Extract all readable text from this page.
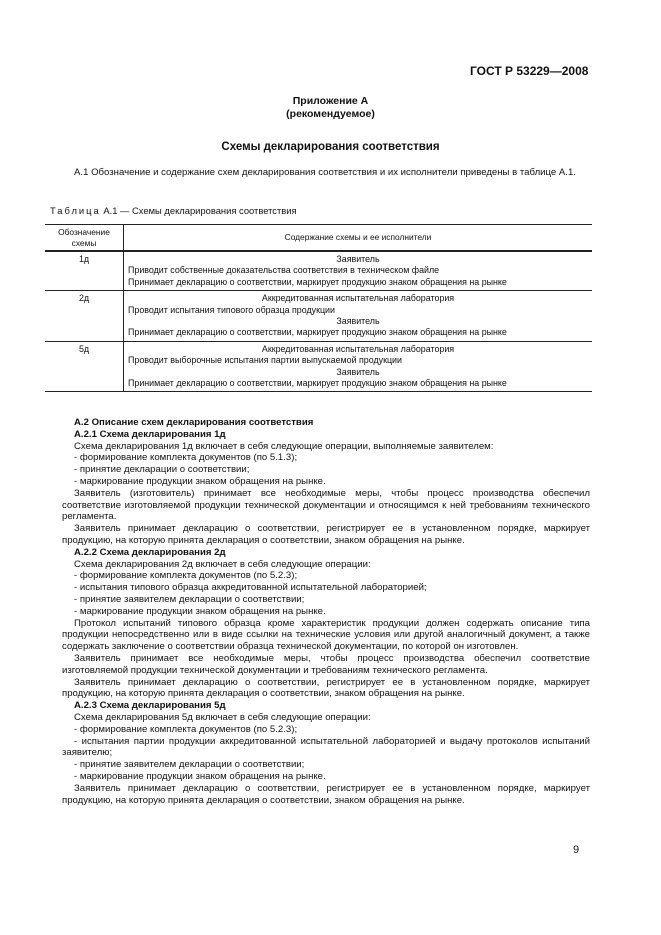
ГОСТ Р 53229—2008
Приложение А
(рекомендуемое)
Схемы декларирования соответствия
А.1 Обозначение и содержание схем декларирования соответствия и их исполнители приведены в таблице А.1.
Таблица А.1 — Схемы декларирования соответствия
Обозначение схемы	Содержание схемы и ее исполнители
1д	Заявитель
Приводит собственные доказательства соответствия в техническом файле
Принимает декларацию о соответствии, маркирует продукцию знаком обращения на рынке

2д	Аккредитованная испытательная лаборатория
Проводит испытания типового образца продукции
Заявитель
Принимает декларацию о соответствии, маркирует продукцию знаком обращения на рынке

5д	Аккредитованная испытательная лаборатория
Проводит выборочные испытания партии выпускаемой продукции
Заявитель
Принимает декларацию о соответствии, маркирует продукцию знаком обращения на рынке
А.2 Описание схем декларирования соответствия
А.2.1 Схема декларирования 1д
Схема декларирования 1д включает в себя следующие операции, выполняемые заявителем:
- формирование комплекта документов (по 5.1.3);
- принятие декларации о соответствии;
- маркирование продукции знаком обращения на рынке.
Заявитель (изготовитель) принимает все необходимые меры, чтобы процесс производства обеспечил соответствие изготовляемой продукции технической документации и относящимся к ней требованиям технического регламента.
Заявитель принимает декларацию о соответствии, регистрирует ее в установленном порядке, маркирует продукцию, на которую принята декларация о соответствии, знаком обращения на рынке.
А.2.2 Схема декларирования 2д
Схема декларирования 2д включает в себя следующие операции:
- формирование комплекта документов (по 5.2.3);
- испытания типового образца аккредитованной испытательной лабораторией;
- принятие заявителем декларации о соответствии;
- маркирование продукции знаком обращения на рынке.
Протокол испытаний типового образца кроме характеристик продукции должен содержать описание типа продукции непосредственно или в виде ссылки на технические условия или другой аналогичный документ, а также содержать заключение о соответствии образца технической документации, по которой он изготовлен.
Заявитель принимает все необходимые меры, чтобы процесс производства обеспечил соответствие изготовляемой продукции технической документации и требованиям технического регламента.
Заявитель принимает декларацию о соответствии, регистрирует ее в установленном порядке, маркирует продукцию, на которую принята декларация о соответствии, знаком обращения на рынке.
А.2.3 Схема декларирования 5д
Схема декларирования 5д включает в себя следующие операции:
- формирование комплекта документов (по 5.2.3);
- испытания партии продукции аккредитованной испытательной лабораторией и выдачу протоколов испытаний заявителю;
- принятие заявителем декларации о соответствии;
- маркирование продукции знаком обращения на рынке.
Заявитель принимает декларацию о соответствии, регистрирует ее в установленном порядке, маркирует продукцию, на которую принята декларация о соответствии, знаком обращения на рынке.
9
